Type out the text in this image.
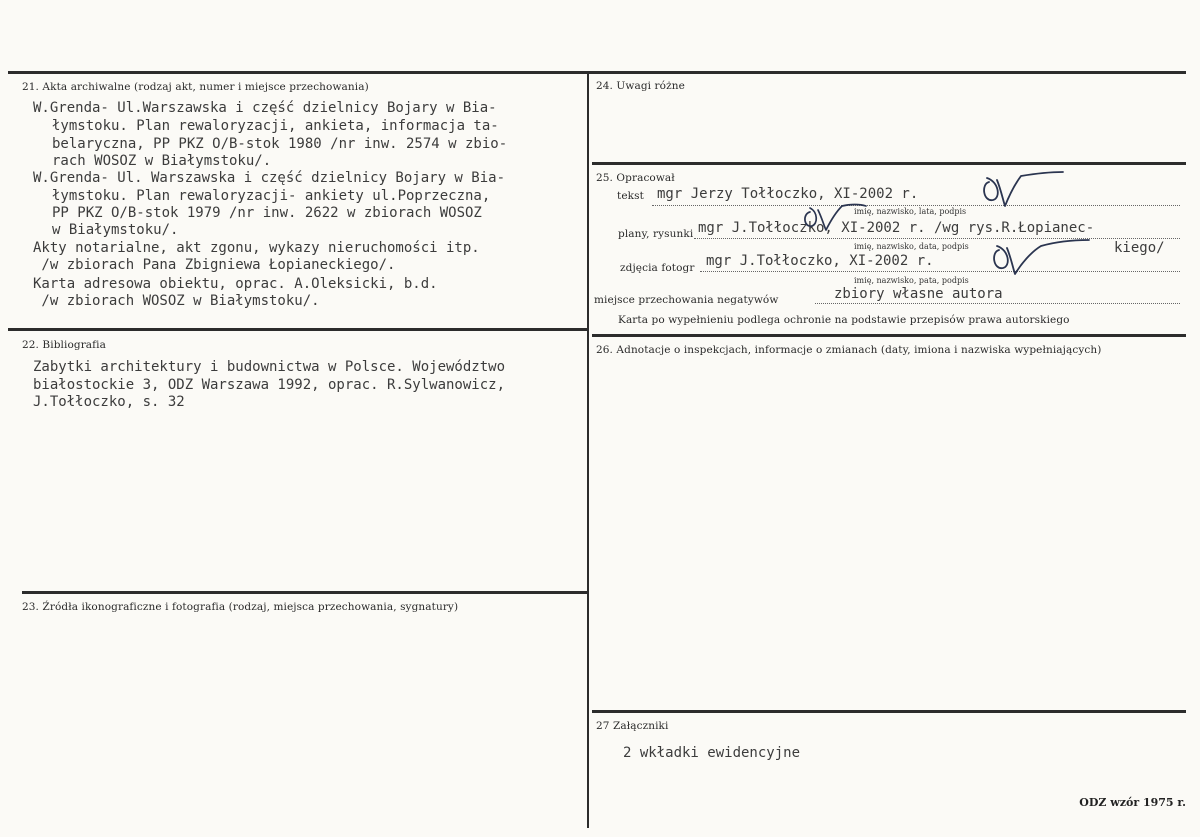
21. Akta archiwalne (rodzaj akt, numer i miejsce przechowania)
W.Grenda- Ul.Warszawska i część dzielnicy Bojary w Bia-
łymstoku. Plan rewaloryzacji, ankieta, informacja ta-
belaryczna, PP PKZ O/B-stok 1980 /nr inw. 2574 w zbio-
rach WOSOZ w Białymstoku/.
W.Grenda- Ul. Warszawska i część dzielnicy Bojary w Bia-
łymstoku. Plan rewaloryzacji- ankiety ul.Poprzeczna,
PP PKZ O/B-stok 1979 /nr inw. 2622 w zbiorach WOSOZ
w Białymstoku/.
Akty notarialne, akt zgonu, wykazy nieruchomości itp.
/w zbiorach Pana Zbigniewa Łopianeckiego/.
Karta adresowa obiektu, oprac. A.Oleksicki, b.d.
/w zbiorach WOSOZ w Białymstoku/.
22. Bibliografia
Zabytki architektury i budownictwa w Polsce. Województwo
białostockie 3, ODZ Warszawa 1992, oprac. R.Sylwanowicz,
J.Tołłoczko, s. 32
23. Źródła ikonograficzne i fotografia (rodzaj, miejsca przechowania, sygnatury)
24. Uwagi różne
25. Opracował
tekst mgr Jerzy Tołłoczko, XI-2002 r.
imię, nazwisko, lata, podpis
plany, rysunki mgr J.Tołłoczko, XI-2002 r. /wg rys.R.Łopianec-
kiego/
imię, nazwisko, data, podpis
zdjęcia fotogr mgr J.Tołłoczko, XI-2002 r.
imię, nazwisko, pata, podpis
miejsce przechowania negatywów	zbiory własne autora
Karta po wypełnieniu podlega ochronie na podstawie przepisów prawa autorskiego
26. Adnotacje o inspekcjach, informacje o zmianach (daty, imiona i nazwiska wypełniających)
27 Załączniki
2 wkładki ewidencyjne
ODZ wzór 1975 r.
